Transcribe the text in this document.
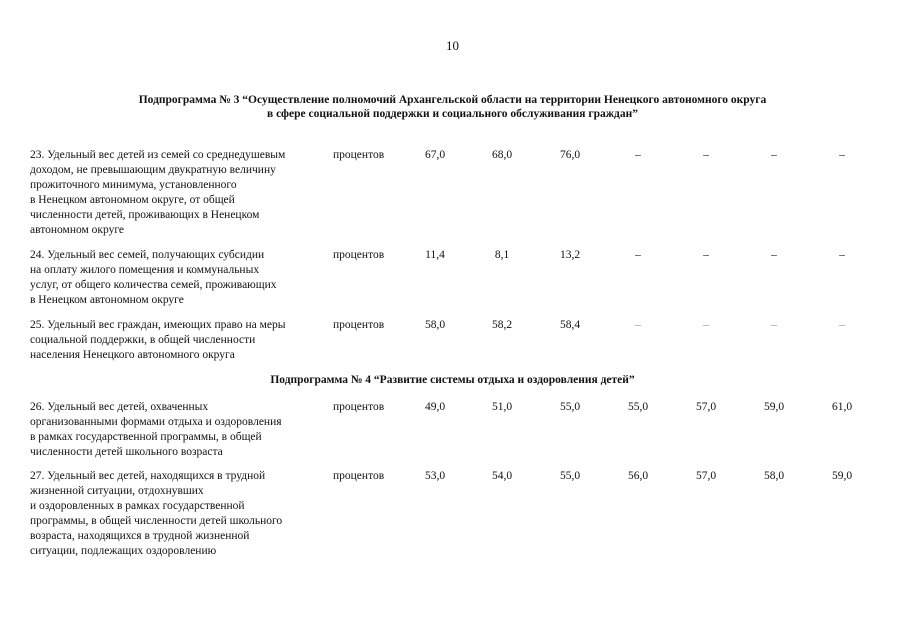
10
Подпрограмма № 3 “Осуществление полномочий Архангельской области на территории Ненецкого автономного округа
в сфере социальной поддержки и социального обслуживания граждан”
23. Удельный вес детей из семей со среднедушевым
доходом, не превышающим двукратную величину
прожиточного минимума, установленного
в Ненецком автономном округе, от общей
численности детей, проживающих в Ненецком
автономном округе
процентов	67,0	68,0	76,0	–	–	–	–
24. Удельный вес семей, получающих субсидии
на оплату жилого помещения и коммунальных
услуг, от общего количества семей, проживающих
в Ненецком автономном округе
процентов	11,4	8,1	13,2	–	–	–	–
25. Удельный вес граждан, имеющих право на меры
социальной поддержки, в общей численности
населения Ненецкого автономного округа
процентов	58,0	58,2	58,4	–	–	–	–
Подпрограмма № 4 “Развитие системы отдыха и оздоровления детей”
26. Удельный вес детей, охваченных
организованными формами отдыха и оздоровления
в рамках государственной программы, в общей
численности детей школьного возраста
процентов	49,0	51,0	55,0	55,0	57,0	59,0	61,0
27. Удельный вес детей, находящихся в трудной
жизненной ситуации, отдохнувших
и оздоровленных в рамках государственной
программы, в общей численности детей школьного
возраста, находящихся в трудной жизненной
ситуации, подлежащих оздоровлению
процентов	53,0	54,0	55,0	56,0	57,0	58,0	59,0
